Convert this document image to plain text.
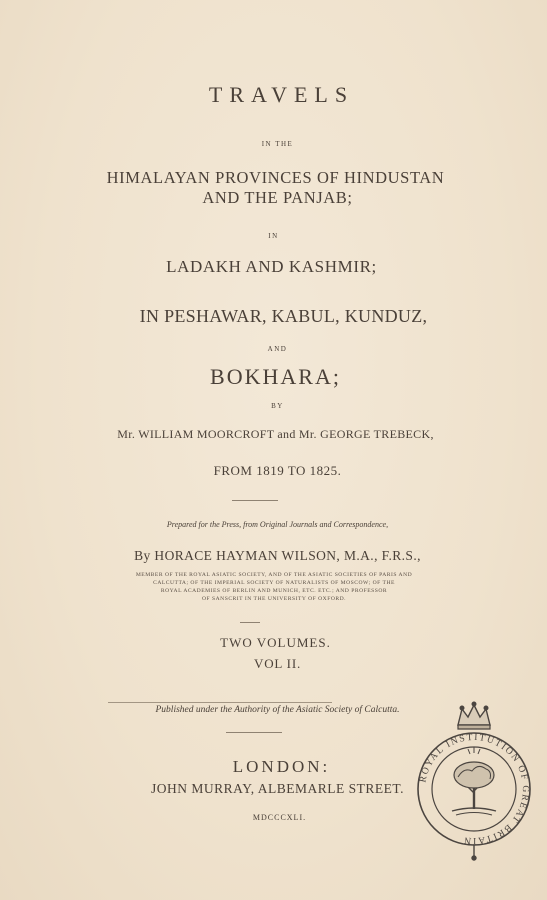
TRAVELS
IN THE
HIMALAYAN PROVINCES OF HINDUSTAN
AND THE PANJAB;
IN
LADAKH AND KASHMIR;
IN PESHAWAR, KABUL, KUNDUZ,
AND
BOKHARA;
BY
Mr. WILLIAM MOORCROFT and Mr. GEORGE TREBECK,
FROM 1819 TO 1825.
Prepared for the Press, from Original Journals and Correspondence,
By HORACE HAYMAN WILSON, M.A., F.R.S.,
MEMBER OF THE ROYAL ASIATIC SOCIETY, AND OF THE ASIATIC SOCIETIES OF PARIS AND
CALCUTTA; OF THE IMPERIAL SOCIETY OF NATURALISTS OF MOSCOW; OF THE
ROYAL ACADEMIES OF BERLIN AND MUNICH, ETC. ETC.; AND PROFESSOR
OF SANSCRIT IN THE UNIVERSITY OF OXFORD.
TWO VOLUMES.
VOL II.
Published under the Authority of the Asiatic Society of Calcutta.
LONDON:
JOHN MURRAY, ALBEMARLE STREET.
MDCCCXLI.
ROYAL INSTITUTION OF GREAT BRITAIN
